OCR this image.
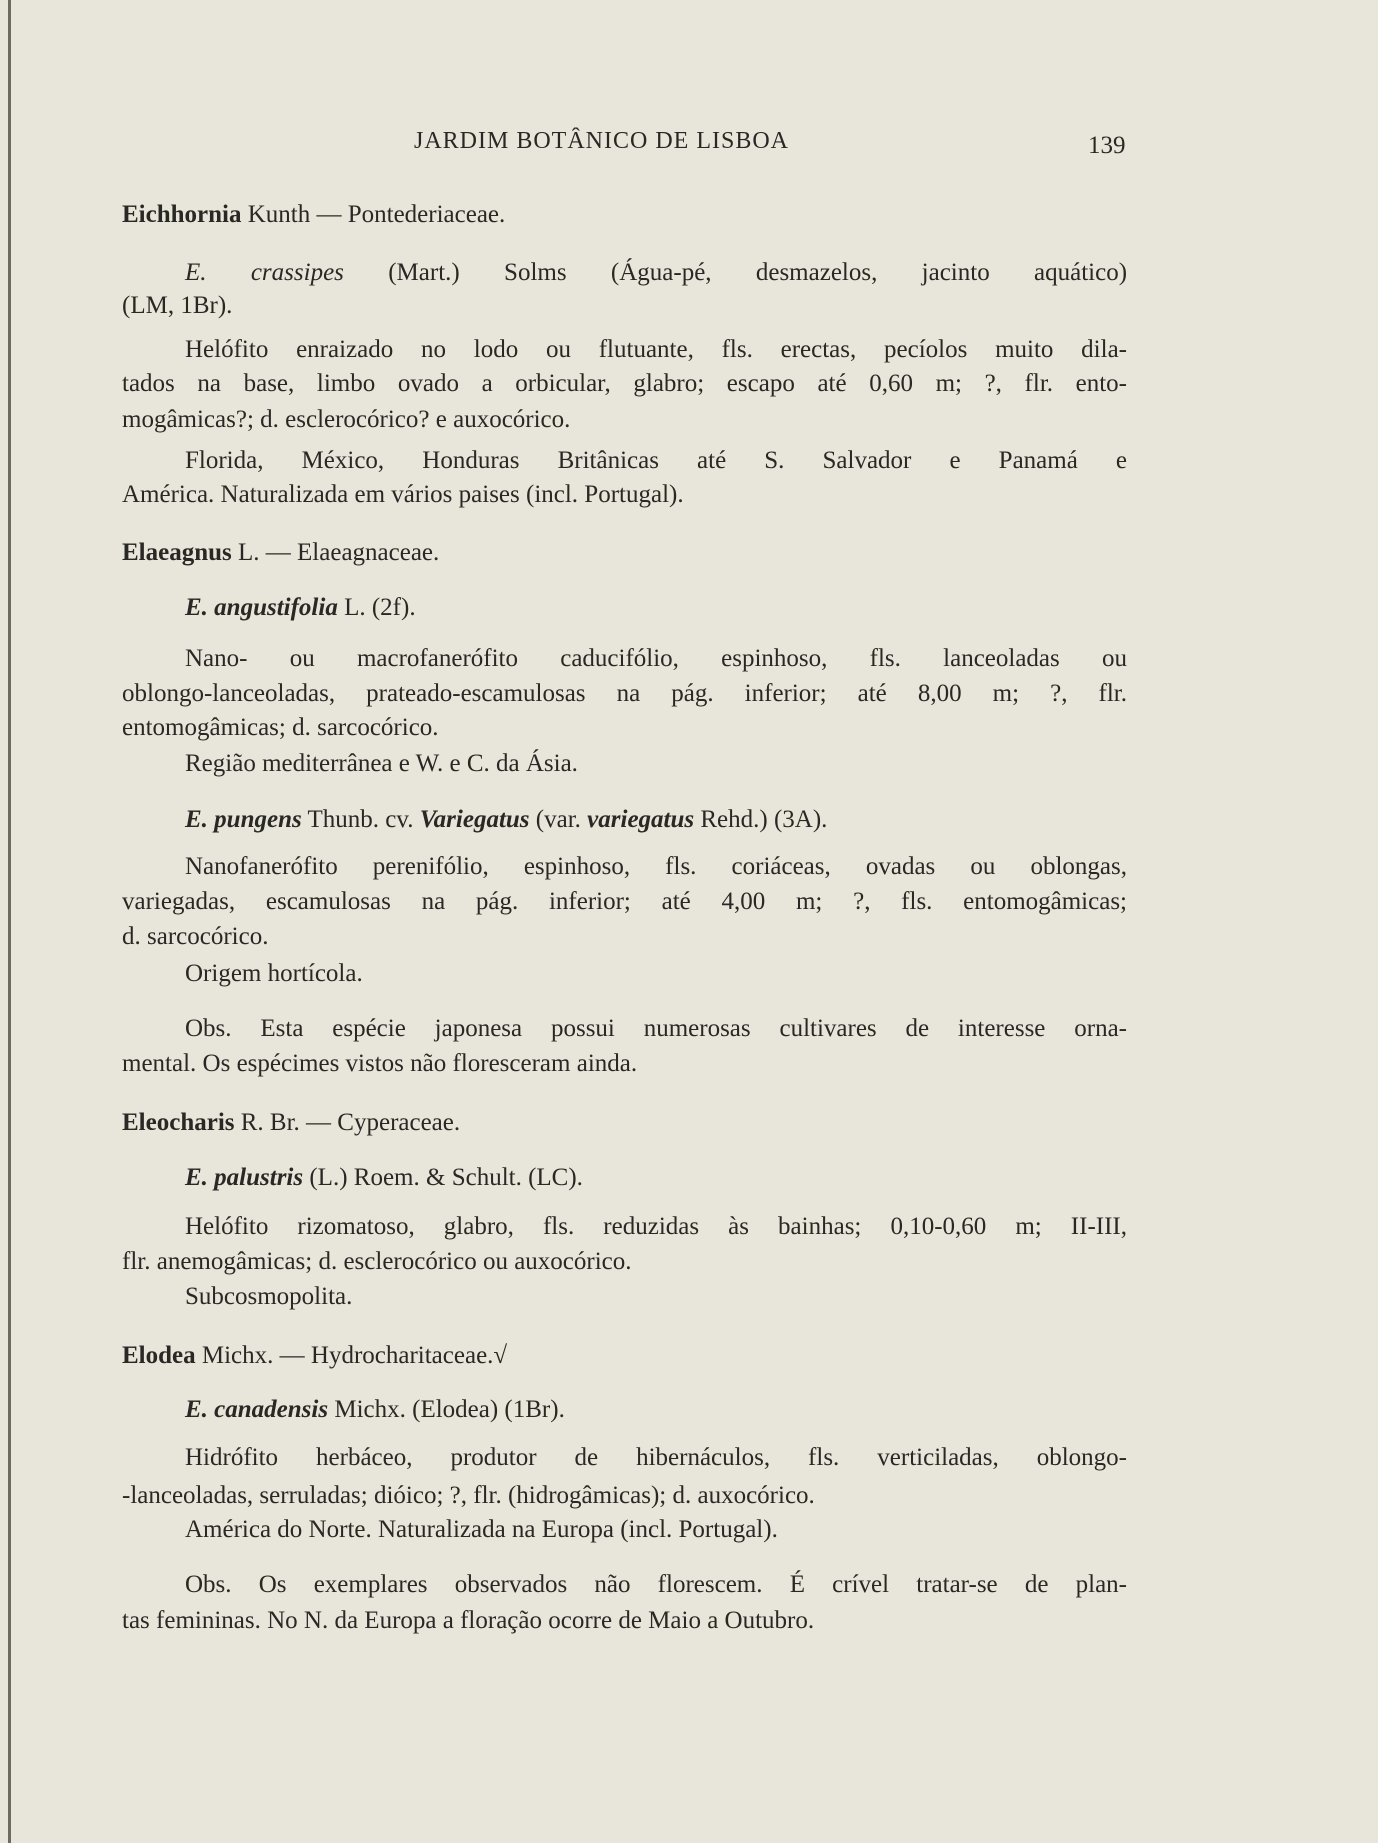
JARDIM BOTÂNICO DE LISBOA	139
Eichhornia Kunth — Pontederiaceae.
E. crassipes (Mart.) Solms (Água-pé, desmazelos, jacinto aquático)
(LM, 1Br).
Helófito enraizado no lodo ou flutuante, fls. erectas, pecíolos muito dila-
tados na base, limbo ovado a orbicular, glabro; escapo até 0,60 m; ?, flr. ento-
mogâmicas?; d. esclerocórico? e auxocórico.
Florida, México, Honduras Britânicas até S. Salvador e Panamá e
América. Naturalizada em vários paises (incl. Portugal).
Elaeagnus L. — Elaeagnaceae.
E. angustifolia L. (2f).
Nano- ou macrofanerófito caducifólio, espinhoso, fls. lanceoladas ou
oblongo-lanceoladas, prateado-escamulosas na pág. inferior; até 8,00 m; ?, flr.
entomogâmicas; d. sarcocórico.
Região mediterrânea e W. e C. da Ásia.
E. pungens Thunb. cv. Variegatus (var. variegatus Rehd.) (3A).
Nanofanerófito perenifólio, espinhoso, fls. coriáceas, ovadas ou oblongas,
variegadas, escamulosas na pág. inferior; até 4,00 m; ?, fls. entomogâmicas;
d. sarcocórico.
Origem hortícola.
Obs. Esta espécie japonesa possui numerosas cultivares de interesse orna-
mental. Os espécimes vistos não floresceram ainda.
Eleocharis R. Br. — Cyperaceae.
E. palustris (L.) Roem. & Schult. (LC).
Helófito rizomatoso, glabro, fls. reduzidas às bainhas; 0,10-0,60 m; II-III,
flr. anemogâmicas; d. esclerocórico ou auxocórico.
Subcosmopolita.
Elodea Michx. — Hydrocharitaceae.√
E. canadensis Michx. (Elodea) (1Br).
Hidrófito herbáceo, produtor de hibernáculos, fls. verticiladas, oblongo-
-lanceoladas, serruladas; dióico; ?, flr. (hidrogâmicas); d. auxocórico.
América do Norte. Naturalizada na Europa (incl. Portugal).
Obs. Os exemplares observados não florescem. É crível tratar-se de plan-
tas femininas. No N. da Europa a floração ocorre de Maio a Outubro.
